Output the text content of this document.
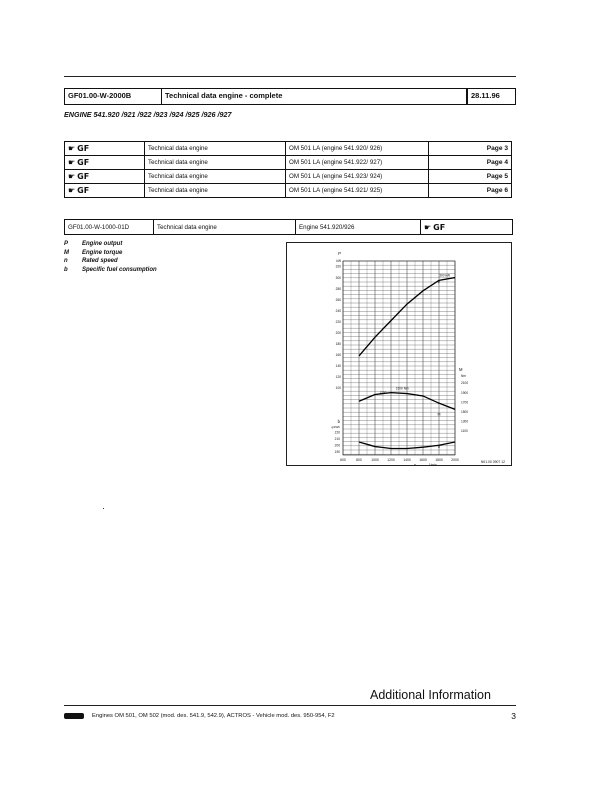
GF01.00-W-2000B	Technical data engine - complete	28.11.96
ENGINE 541.920 /921 /922 /923 /924 /925 /926 /927
☛ GF	Technical data engine	OM 501 LA (engine 541.920/ 926)	Page 3

☛ GF	Technical data engine	OM 501 LA (engine 541.922/ 927)	Page 4

☛ GF	Technical data engine	OM 501 LA (engine 541.923/ 924)	Page 5

☛ GF	Technical data engine	OM 501 LA (engine 541.921/ 925)	Page 6
GF01.00-W-1000-01D	Technical data engine	Engine 541.920/926	☛ GF
P	Engine output
M	Engine torque
n	Rated speed
b	Specific fuel consumption
600	800	1000 1200 1400 1600 1800 2000
n	1/min
P
kW
320
300
280
260
240
220
200
180
160
140
120
100
M
Nm
2100
1900
1700
1500
1300
1100
b
g/kWh
220
210
200
190
P
M
b
1500 Nm
1550
300 kW
N01.00 0907 12
Additional Information
Engines OM 501, OM 502 (mod. des. 541.9, 542.9), ACTROS - Vehicle mod. des. 950-954, F2	3
